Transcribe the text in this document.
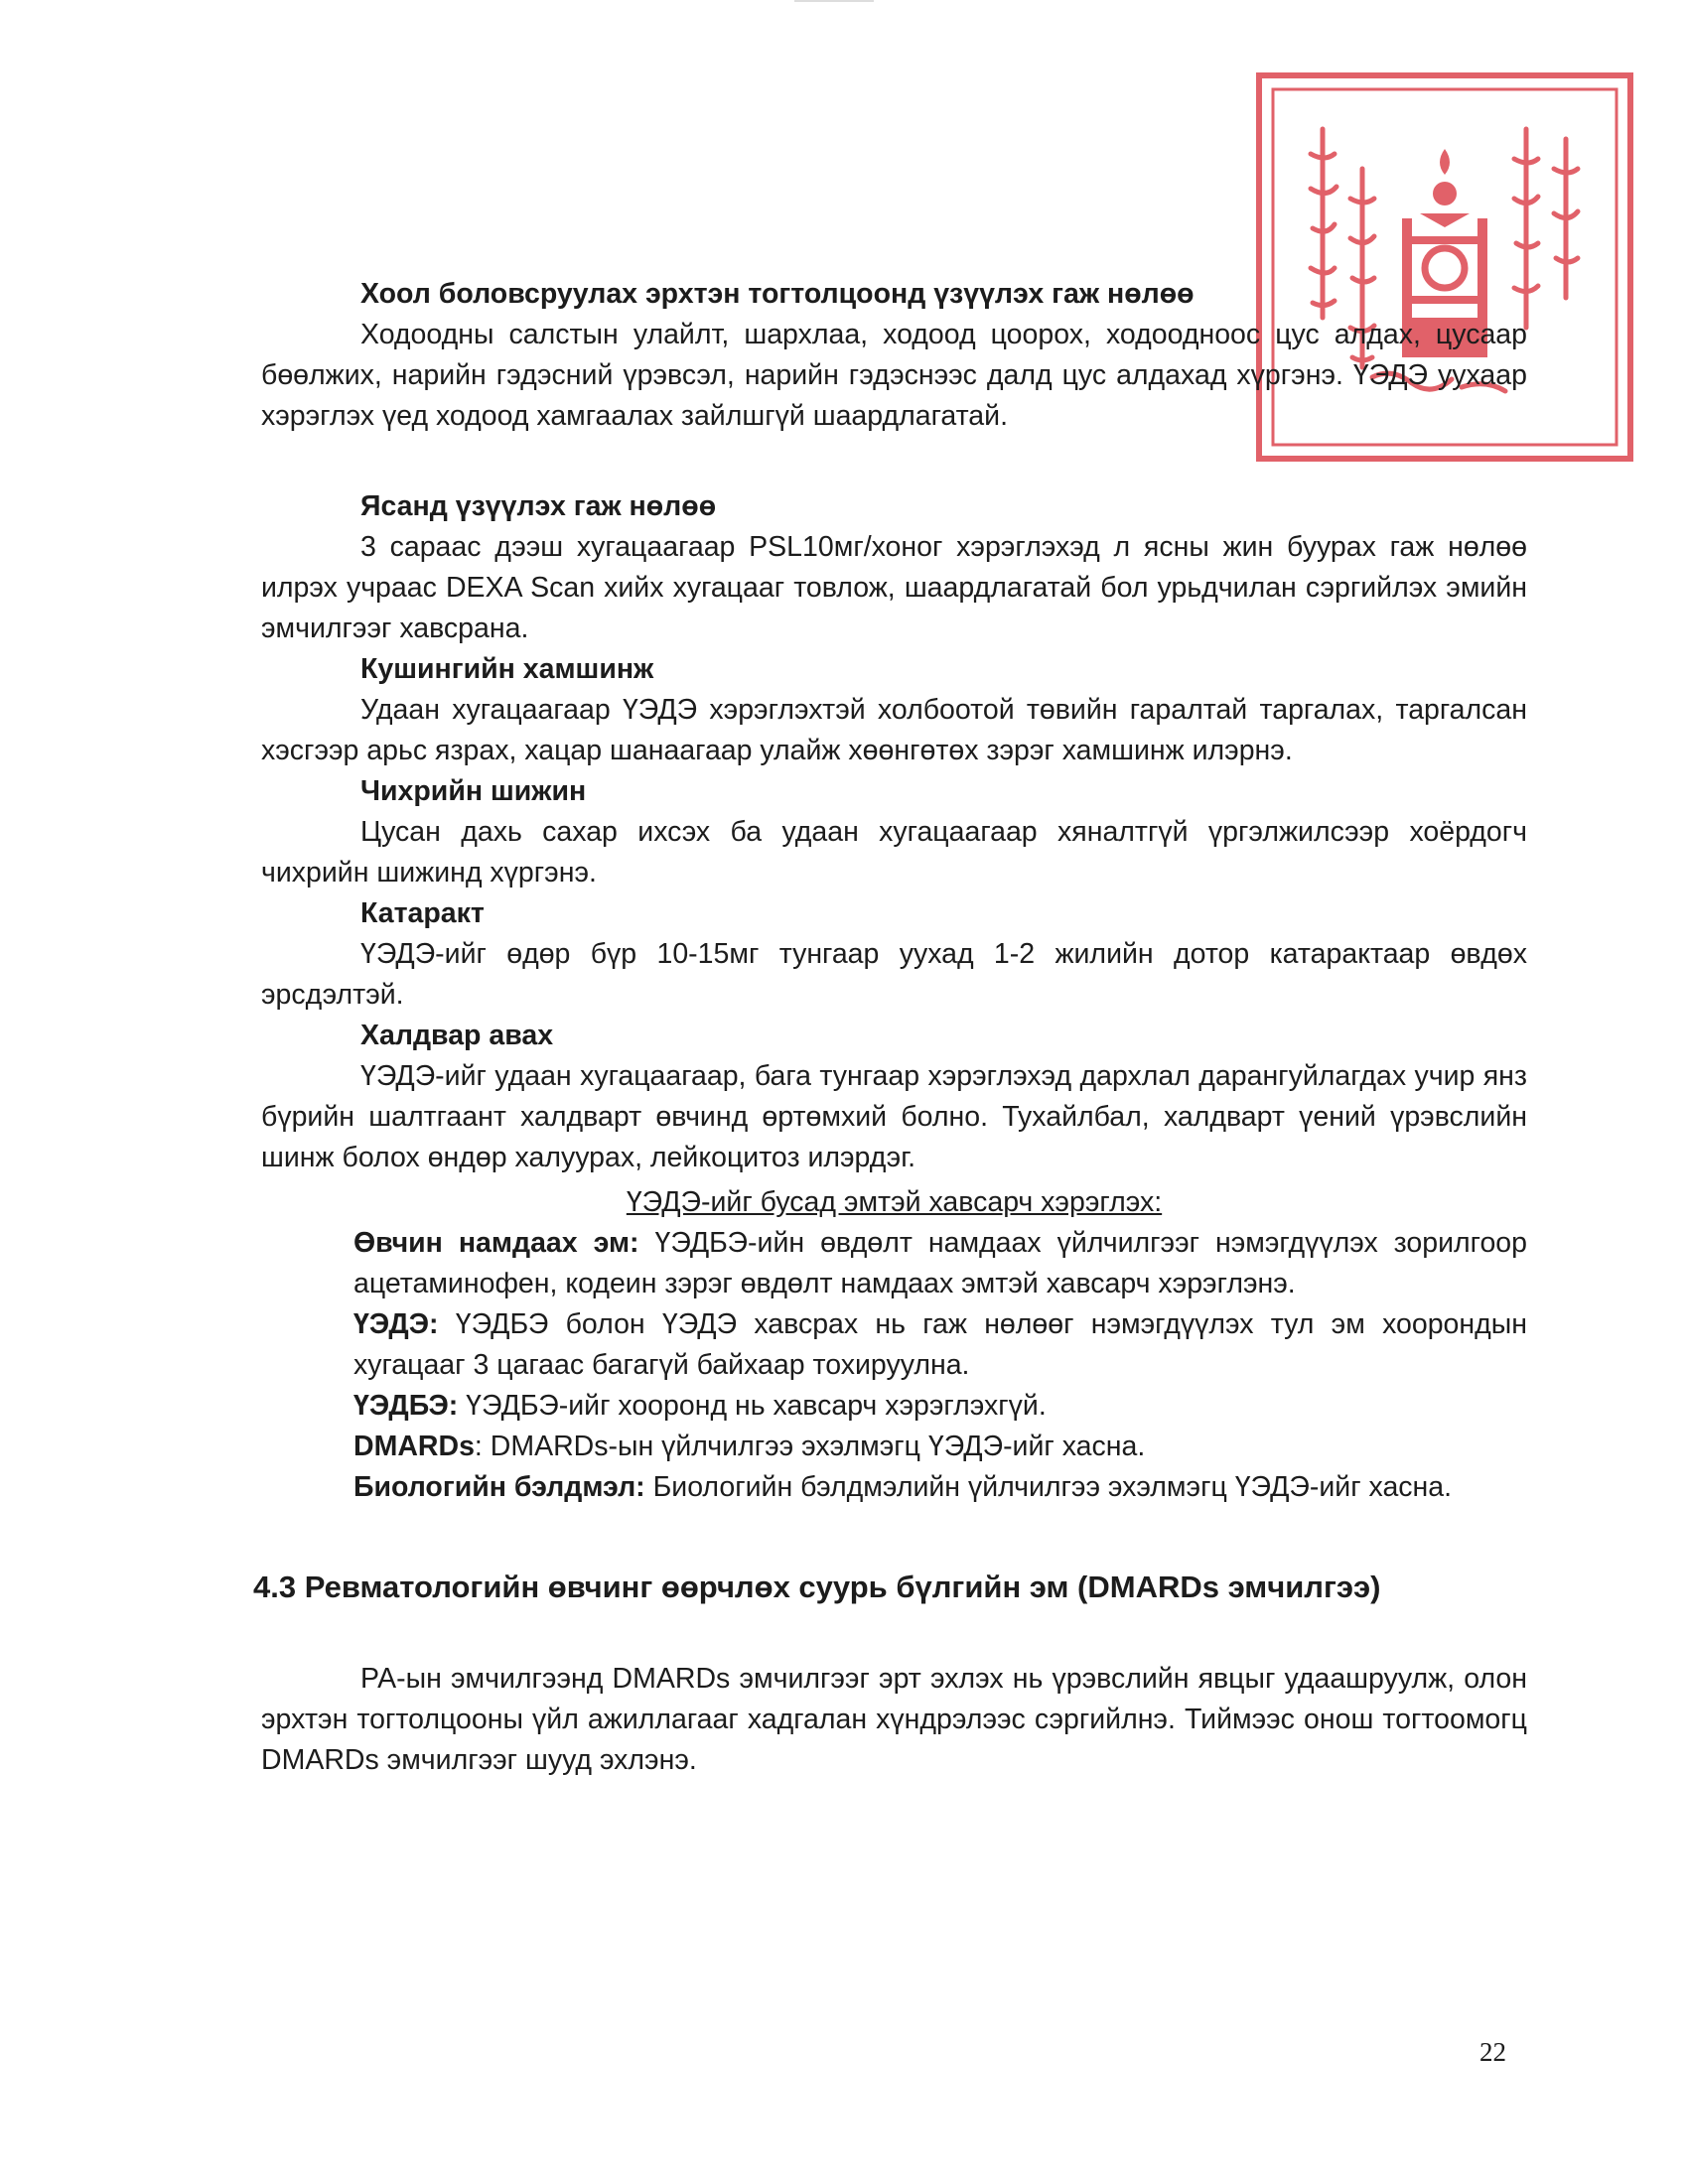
Хоол боловсруулах эрхтэн тогтолцоонд үзүүлэх гаж нөлөө

Ходоодны салстын улайлт, шархлаа, ходоод цоорох, ходоодноос цус алдах, цусаар бөөлжих, нарийн гэдэсний үрэвсэл, нарийн гэдэснээс далд цус алдахад хүргэнэ. ҮЭДЭ уухаар хэрэглэх үед ходоод хамгаалах зайлшгүй шаардлагатай.

Ясанд үзүүлэх гаж нөлөө

3 сараас дээш хугацаагаар PSL10мг/хоног хэрэглэхэд л ясны жин буурах гаж нөлөө илрэх учраас DEXA Scan хийх хугацааг товлож, шаардлагатай бол урьдчилан сэргийлэх эмийн эмчилгээг хавсрана.

Кушингийн хамшинж

Удаан хугацаагаар ҮЭДЭ хэрэглэхтэй холбоотой төвийн гаралтай таргалах, таргалсан хэсгээр арьс язрах, хацар шанаагаар улайж хөөнгөтөх зэрэг хамшинж илэрнэ.

Чихрийн шижин

Цусан дахь сахар ихсэх ба удаан хугацаагаар хяналтгүй үргэлжилсээр хоёрдогч чихрийн шижинд хүргэнэ.

Катаракт

ҮЭДЭ-ийг өдөр бүр 10-15мг тунгаар уухад 1-2 жилийн дотор катарактаар өвдөх эрсдэлтэй.

Халдвар авах

ҮЭДЭ-ийг удаан хугацаагаар, бага тунгаар хэрэглэхэд дархлал дарангуйлагдах учир янз бүрийн шалтгаант халдварт өвчинд өртөмхий болно. Тухайлбал, халдварт үений үрэвслийн шинж болох өндөр халуурах, лейкоцитоз илэрдэг.

ҮЭДЭ-ийг бусад эмтэй хавсарч хэрэглэх:

Өвчин намдаах эм: ҮЭДБЭ-ийн өвдөлт намдаах үйлчилгээг нэмэгдүүлэх зорилгоор ацетаминофен, кодеин зэрэг өвдөлт намдаах эмтэй хавсарч хэрэглэнэ.

ҮЭДЭ: ҮЭДБЭ болон ҮЭДЭ хавсрах нь гаж нөлөөг нэмэгдүүлэх тул эм хоорондын хугацааг 3 цагаас багагүй байхаар тохируулна.

ҮЭДБЭ: ҮЭДБЭ-ийг хооронд нь хавсарч хэрэглэхгүй.

DMARDs: DMARDs-ын үйлчилгээ эхэлмэгц ҮЭДЭ-ийг хасна.

Биологийн бэлдмэл: Биологийн бэлдмэлийн үйлчилгээ эхэлмэгц ҮЭДЭ-ийг хасна.

4.3 Ревматологийн өвчинг өөрчлөх суурь бүлгийн эм (DMARDs эмчилгээ)

РА-ын эмчилгээнд DMARDs эмчилгээг эрт эхлэх нь үрэвслийн явцыг удаашруулж, олон эрхтэн тогтолцооны үйл ажиллагааг хадгалан хүндрэлээс сэргийлнэ. Тиймээс онош тогтоомогц DMARDs эмчилгээг шууд эхлэнэ.

22
